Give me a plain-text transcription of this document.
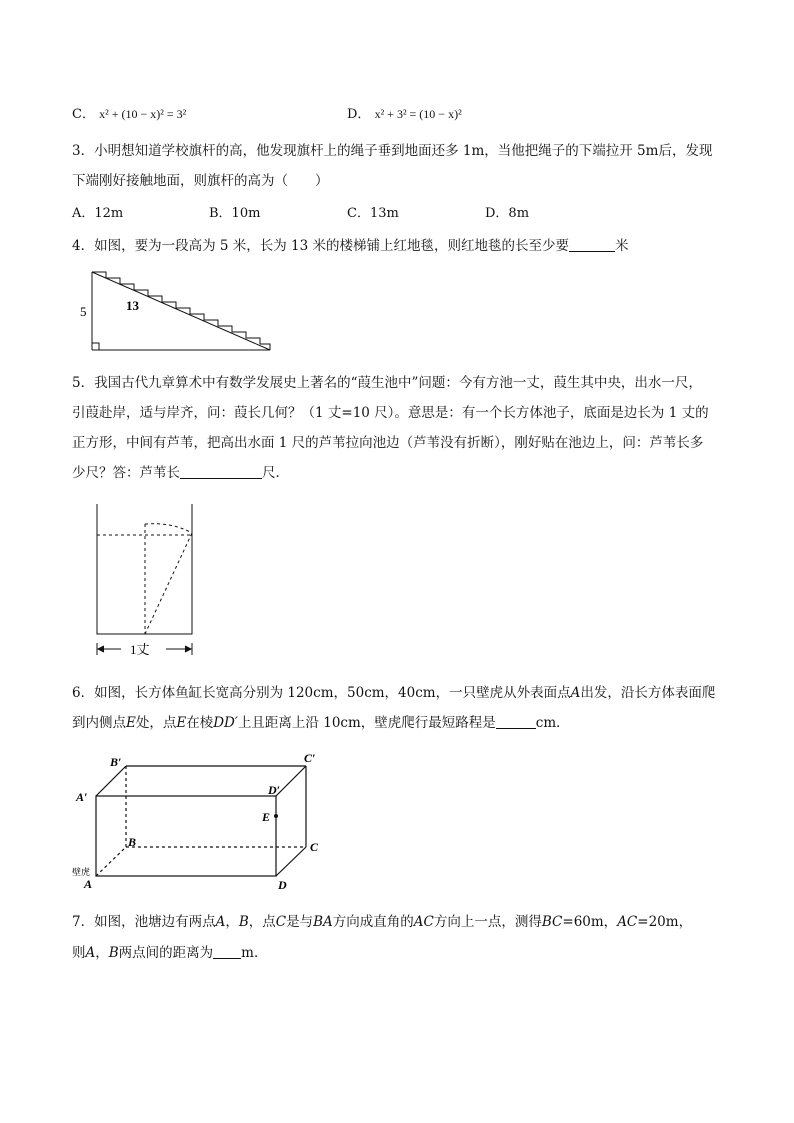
C． x² + (10 − x)² = 3²	D． x² + 3² = (10 − x)²
3．小明想知道学校旗杆的高，他发现旗杆上的绳子垂到地面还多 1m，当他把绳子的下端拉开 5m后，发现
下端刚好接触地面，则旗杆的高为（　　）
A．12m	B．10m	C．13m	D．8m
4．如图，要为一段高为 5 米，长为 13 米的楼梯铺上红地毯，则红地毯的长至少要	米
5	13
5．我国古代九章算术中有数学发展史上著名的“葭生池中”问题：今有方池一丈，葭生其中央，出水一尺，
引葭赴岸，适与岸齐，问：葭长几何？（1 丈=10 尺）。意思是：有一个长方体池子，底面是边长为 1 丈的
正方形，中间有芦苇，把高出水面 1 尺的芦苇拉向池边（芦苇没有折断），刚好贴在池边上，问：芦苇长多
少尺？答：芦苇长	尺．
1丈
6．如图，长方体鱼缸长宽高分别为 120cm，50cm，40cm，一只壁虎从外表面点A出发，沿长方体表面爬
到内侧点E处，点E在棱DD′上且距离上沿 10cm，壁虎爬行最短路程是	cm．
B′	C′
A′	D′
E
B	C
A	D
壁虎
7．如图，池塘边有两点A，B，点C是与BA方向成直角的AC方向上一点，测得BC=60m，AC=20m，
则A，B两点间的距离为 m．
